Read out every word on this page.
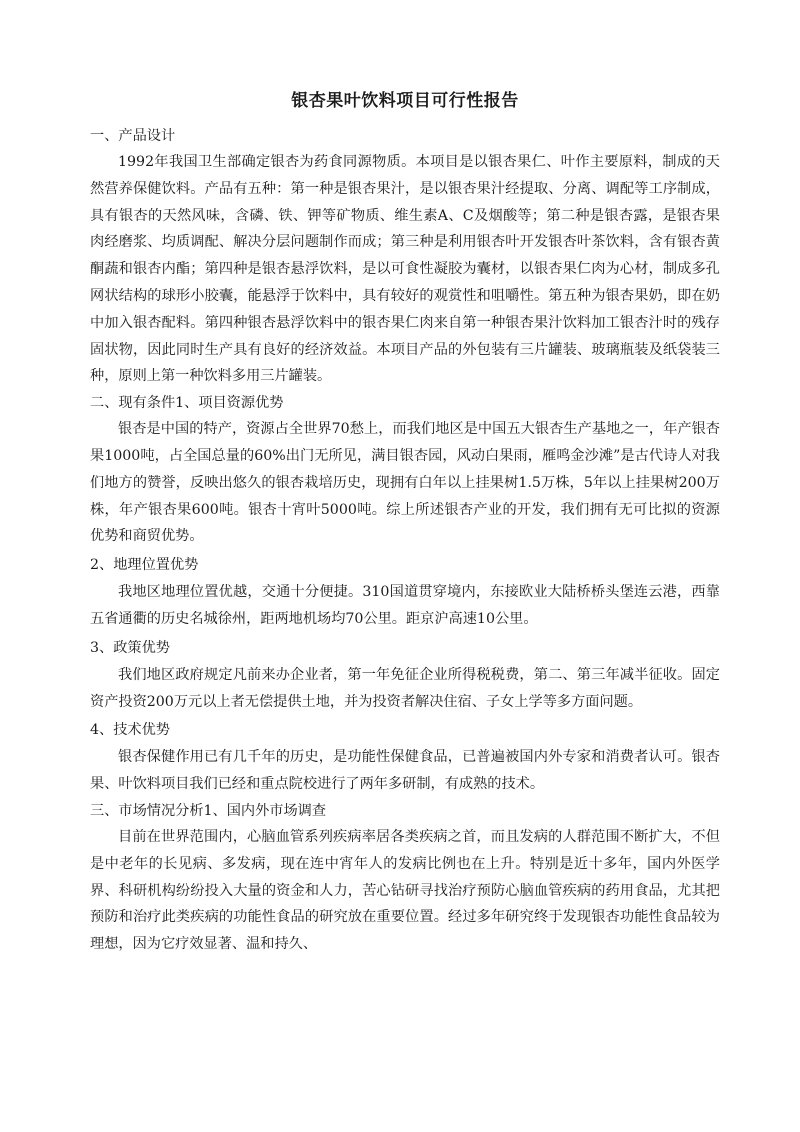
银杏果叶饮料项目可行性报告

一、产品设计

1992年我国卫生部确定银杏为药食同源物质。本项目是以银杏果仁、叶作主要原料，制成的天然营养保健饮料。产品有五种：第一种是银杏果汁，是以银杏果汁经提取、分离、调配等工序制成，具有银杏的天然风味，含磷、铁、钾等矿物质、维生素A、C及烟酸等；第二种是银杏露，是银杏果肉经磨浆、均质调配、解决分层问题制作而成；第三种是利用银杏叶开发银杏叶茶饮料，含有银杏黄酮蔬和银杏内酯；第四种是银杏悬浮饮料，是以可食性凝胶为囊材，以银杏果仁肉为心材，制成多孔网状结构的球形小胶囊，能悬浮于饮料中，具有较好的观赏性和咀嚼性。第五种为银杏果奶，即在奶中加入银杏配料。第四种银杏悬浮饮料中的银杏果仁肉来自第一种银杏果汁饮料加工银杏汁时的残存固状物，因此同时生产具有良好的经济效益。本项目产品的外包装有三片罐装、玻璃瓶装及纸袋装三种，原则上第一种饮料多用三片罐装。

二、现有条件1、项目资源优势

银杏是中国的特产，资源占全世界70愁上，而我们地区是中国五大银杏生产基地之一，年产银杏果1000吨，占全国总量的60%出门无所见，满目银杏园，风动白果雨，雁鸣金沙滩”是古代诗人对我们地方的赞誉，反映出悠久的银杏栽培历史，现拥有白年以上挂果树1.5万株，5年以上挂果树200万株，年产银杏果600吨。银杏十宵叶5000吨。综上所述银杏产业的开发，我们拥有无可比拟的资源优势和商贸优势。

2、地理位置优势

我地区地理位置优越，交通十分便捷。310国道贯穿境内，东接欧业大陆桥桥头堡连云港，西靠五省通衢的历史名城徐州，距两地机场均70公里。距京沪高速10公里。

3、政策优势

我们地区政府规定凡前来办企业者，第一年免征企业所得税税费，第二、第三年减半征收。固定资产投资200万元以上者无偿提供土地，并为投资者解决住宿、子女上学等多方面问题。

4、技术优势

银杏保健作用已有几千年的历史，是功能性保健食品，已普遍被国内外专家和消费者认可。银杏果、叶饮料项目我们已经和重点院校进行了两年多研制，有成熟的技术。

三、市场情况分析1、国内外市场调查

目前在世界范围内，心脑血管系列疾病率居各类疾病之首，而且发病的人群范围不断扩大，不但是中老年的长见病、多发病，现在连中宵年人的发病比例也在上升。特别是近十多年，国内外医学界、科研机构纷纷投入大量的资金和人力，苦心钻研寻找治疗预防心脑血管疾病的药用食品，尤其把预防和治疗此类疾病的功能性食品的研究放在重要位置。经过多年研究终于发现银杏功能性食品较为理想，因为它疗效显著、温和持久、
